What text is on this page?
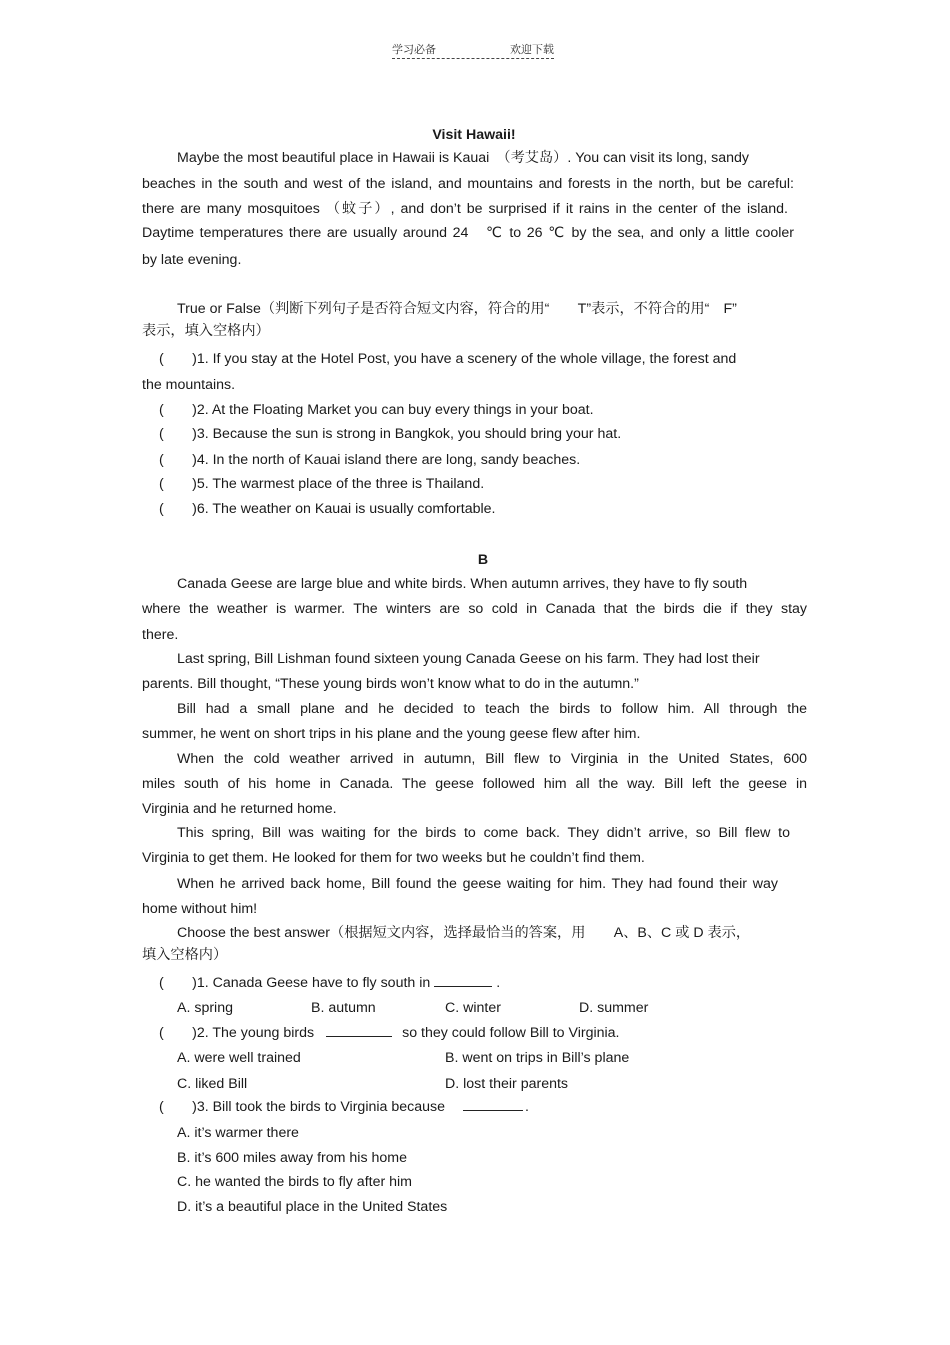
学习必备	欢迎下载
Visit Hawaii!
Maybe the most beautiful place in Hawaii is Kauai　（考艾岛）. You can visit its long, sandy
beaches in the south and west of the island, and mountains and forests in the north, but be careful:
there are many mosquitoes （蚊子）, and don’t be surprised if it rains in the center of the island.
Daytime temperatures there are usually around 24　℃ to 26 ℃ by the sea, and only a little cooler
by late evening.
True or False（判断下列句子是否符合短文内容，符合的用“　　T”表示，不符合的用“　F”
表示，填入空格内）
(　　)1. If you stay at the Hotel Post, you have a scenery of the whole village, the forest and
the mountains.
(　　)2. At the Floating Market you can buy every things in your boat.
(　　)3. Because the sun is strong in Bangkok, you should bring your hat.
(　　)4. In the north of Kauai island there are long, sandy beaches.
(　　)5. The warmest place of the three is Thailand.
(　　)6. The weather on Kauai is usually comfortable.
B
Canada Geese are large blue and white birds. When autumn arrives, they have to fly south
where the weather is warmer. The winters are so cold in Canada that the birds die if they stay
there.
Last spring, Bill Lishman found sixteen young Canada Geese on his farm. They had lost their
parents. Bill thought, “These young birds won’t know what to do in the autumn.”
Bill had a small plane and he decided to teach the birds to follow him. All through the
summer, he went on short trips in his plane and the young geese flew after him.
When the cold weather arrived in autumn, Bill flew to Virginia in the United States, 600
miles south of his home in Canada. The geese followed him all the way. Bill left the geese in
Virginia and he returned home.
This spring, Bill was waiting for the birds to come back. They didn’t arrive, so Bill flew to
Virginia to get them. He looked for them for two weeks but he couldn’t find them.
When he arrived back home, Bill found the geese waiting for him. They had found their way
home without him!
Choose the best answer（根据短文内容，选择最恰当的答案，用　　A、B、C 或 D 表示，
填入空格内）
(　　)1. Canada Geese have to fly south in	.
A. spring	B. autumn	C. winter	D. summer
(　　)2. The young birds	so they could follow Bill to Virginia.
A. were well trained	B. went on trips in Bill’s plane
C. liked Bill	D. lost their parents
(　　)3. Bill took the birds to Virginia because	.
A. it’s warmer there
B. it’s 600 miles away from his home
C. he wanted the birds to fly after him
D. it’s a beautiful place in the United States
